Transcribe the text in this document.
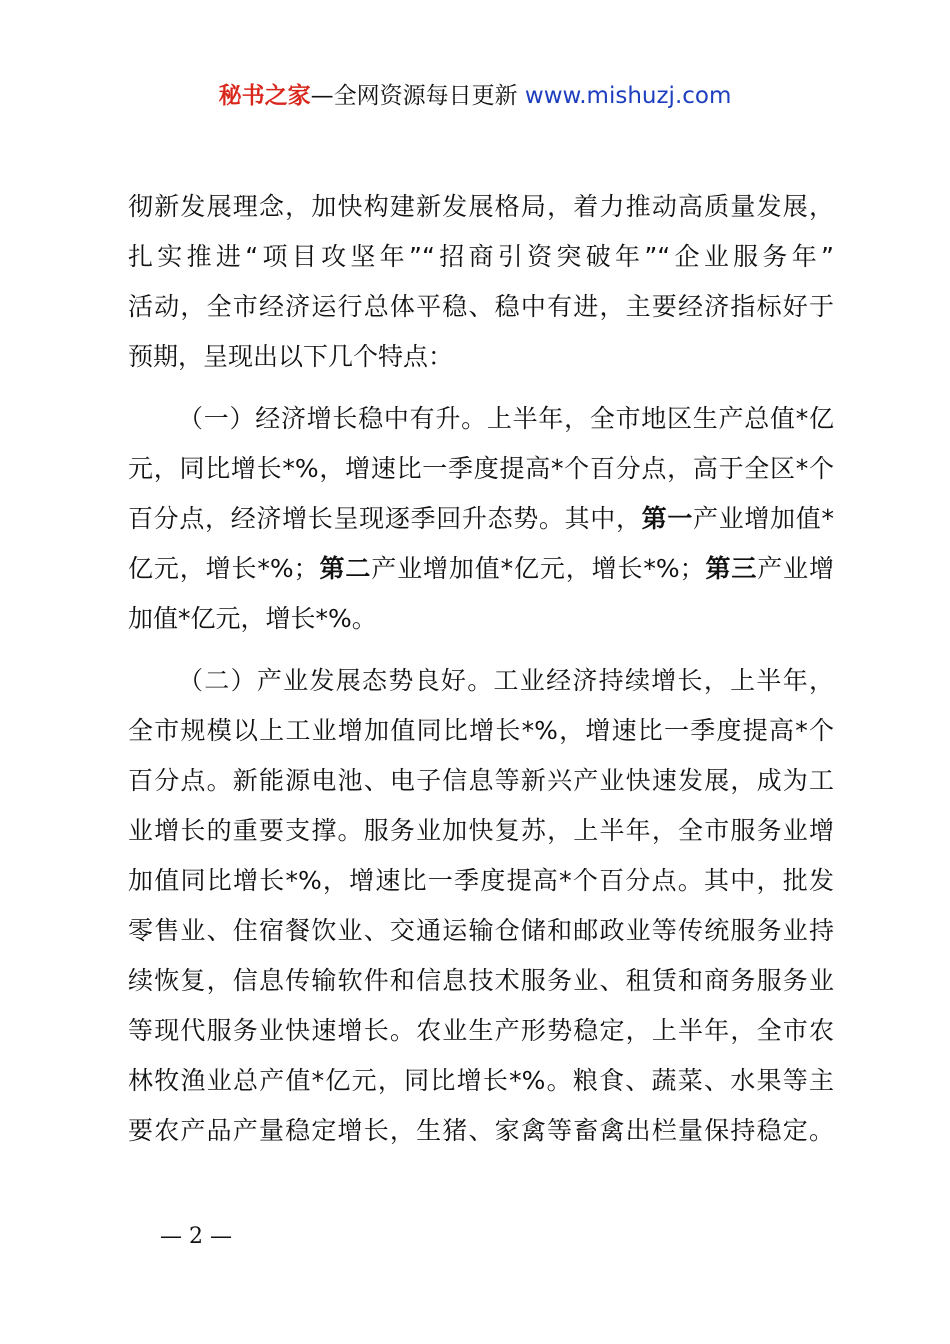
秘书之家—全网资源每日更新 www.mishuzj.com

彻新发展理念，加快构建新发展格局，着力推动高质量发展，
扎实推进“项目攻坚年”“招商引资突破年”“企业服务年”
活动，全市经济运行总体平稳、稳中有进，主要经济指标好于
预期，呈现出以下几个特点：

（一）经济增长稳中有升。上半年，全市地区生产总值*亿
元，同比增长*%，增速比一季度提高*个百分点，高于全区*个
百分点，经济增长呈现逐季回升态势。其中，第一产业增加值*
亿元，增长*%；第二产业增加值*亿元，增长*%；第三产业增
加值*亿元，增长*%。

（二）产业发展态势良好。工业经济持续增长，上半年，
全市规模以上工业增加值同比增长*%，增速比一季度提高*个
百分点。新能源电池、电子信息等新兴产业快速发展，成为工
业增长的重要支撑。服务业加快复苏，上半年，全市服务业增
加值同比增长*%，增速比一季度提高*个百分点。其中，批发
零售业、住宿餐饮业、交通运输仓储和邮政业等传统服务业持
续恢复，信息传输软件和信息技术服务业、租赁和商务服务业
等现代服务业快速增长。农业生产形势稳定，上半年，全市农
林牧渔业总产值*亿元，同比增长*%。粮食、蔬菜、水果等主
要农产品产量稳定增长，生猪、家禽等畜禽出栏量保持稳定。

— 2 —
